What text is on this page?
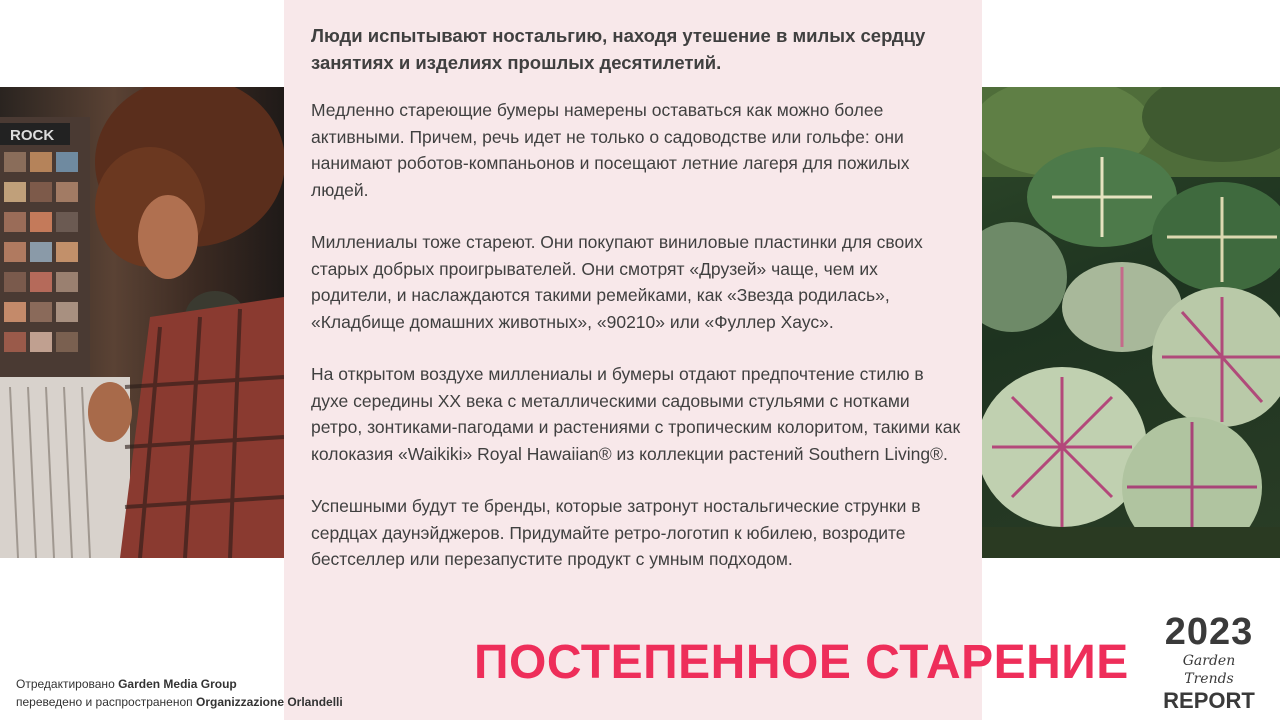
ROCK

Люди испытывают ностальгию, находя утешение в милых сердцу занятиях и изделиях прошлых десятилетий.

Медленно стареющие бумеры намерены оставаться как можно более активными. Причем, речь идет не только о садоводстве или гольфе: они нанимают роботов-компаньонов и посещают летние лагеря для пожилых людей.

Миллениалы тоже стареют. Они покупают виниловые пластинки для своих старых добрых проигрывателей. Они смотрят «Друзей» чаще, чем их родители, и наслаждаются такими ремейками, как «Звезда родилась», «Кладбище домашних животных», «90210» или «Фуллер Хаус».

На открытом воздухе миллениалы и бумеры отдают предпочтение стилю в духе середины XX века с металлическими садовыми стульями с нотками ретро, зонтиками-пагодами и растениями с тропическим колоритом, такими как колоказия «Waikiki» Royal Hawaiian® из коллекции растений Southern Living®.

Успешными будут те бренды, которые затронут ностальгические струнки в сердцах даунэйджеров. Придумайте ретро-логотип к юбилею, возродите бестселлер или перезапустите продукт с умным подходом.

ПОСТЕПЕННОЕ СТАРЕНИЕ
Отредактировано Garden Media Group
переведено и распространеноп Organizzazione Orlandelli
2023
Garden Trends
REPORT
